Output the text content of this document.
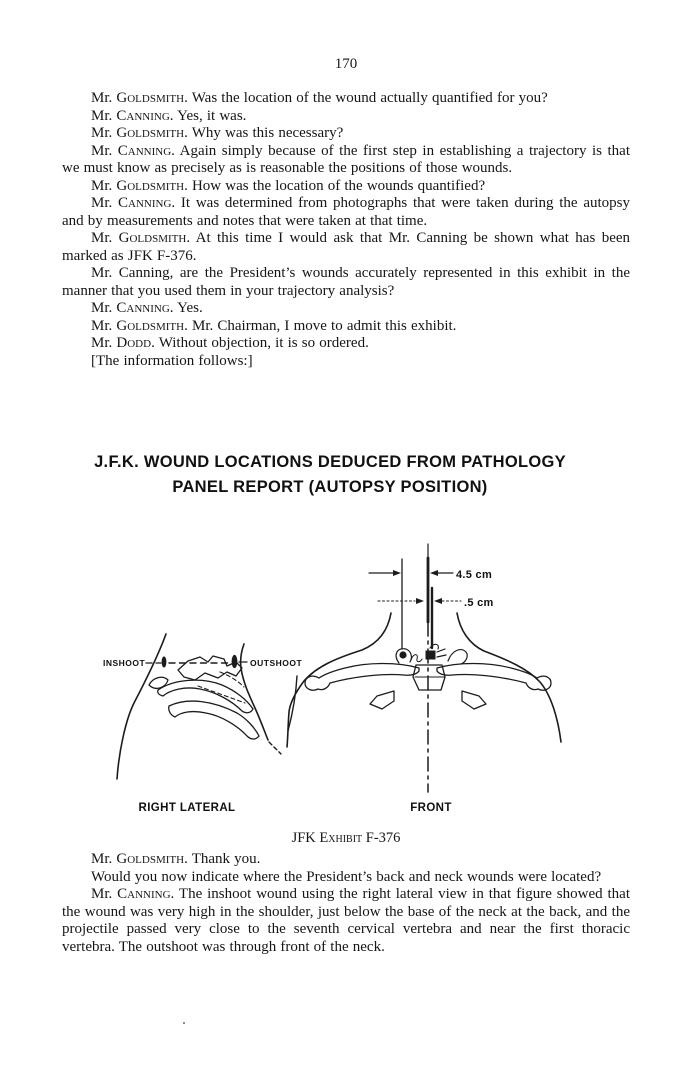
170

Mr. Goldsmith. Was the location of the wound actually quantified for you?

Mr. Canning. Yes, it was.

Mr. Goldsmith. Why was this necessary?

Mr. Canning. Again simply because of the first step in establishing a trajectory is that we must know as precisely as is reasonable the positions of those wounds.

Mr. Goldsmith. How was the location of the wounds quantified?

Mr. Canning. It was determined from photographs that were taken during the autopsy and by measurements and notes that were taken at that time.

Mr. Goldsmith. At this time I would ask that Mr. Canning be shown what has been marked as JFK F-376.

Mr. Canning, are the President’s wounds accurately represented in this exhibit in the manner that you used them in your trajectory analysis?

Mr. Canning. Yes.

Mr. Goldsmith. Mr. Chairman, I move to admit this exhibit.

Mr. Dodd. Without objection, it is so ordered.

[The information follows:]

J.F.K. WOUND LOCATIONS DEDUCED FROM PATHOLOGY
PANEL REPORT (AUTOPSY POSITION)
INSHOOT	OUTSHOOT
RIGHT LATERAL	FRONT
4.5 cm
.5 cm
JFK Exhibit F-376

Mr. Goldsmith. Thank you.

Would you now indicate where the President’s back and neck wounds were located?

Mr. Canning. The inshoot wound using the right lateral view in that figure showed that the wound was very high in the shoulder, just below the base of the neck at the back, and the projectile passed very close to the seventh cervical vertebra and near the first thoracic vertebra. The outshoot was through front of the neck.
